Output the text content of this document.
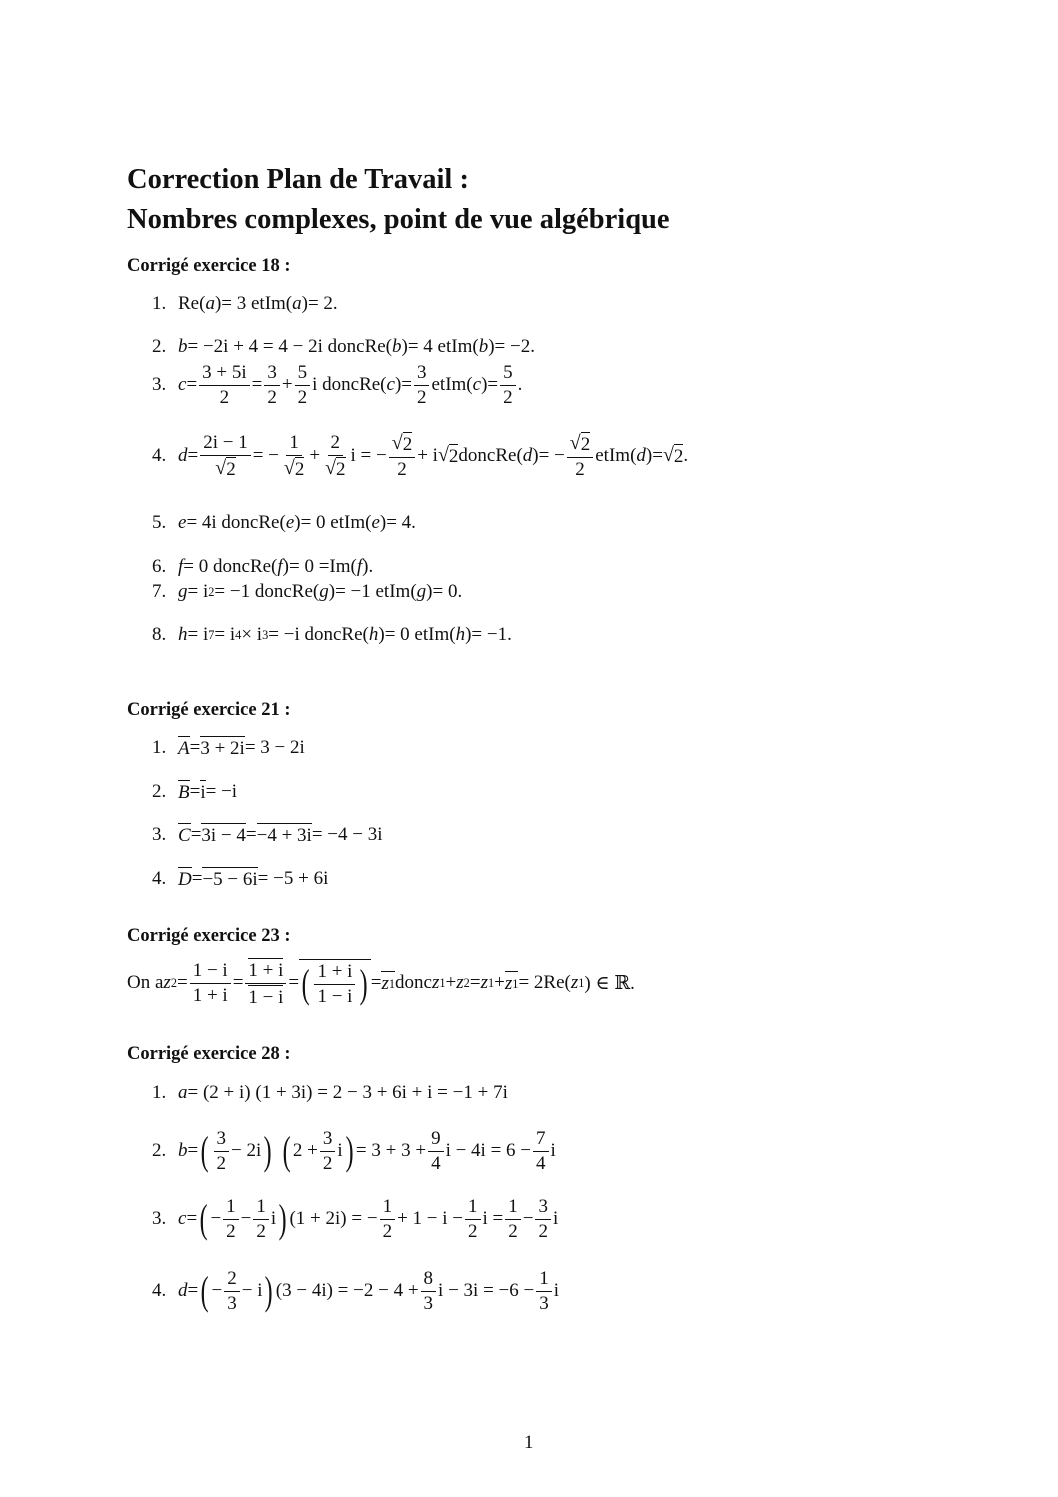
Correction Plan de Travail :
Nombres complexes, point de vue algébrique
Corrigé exercice 18 :
1. Re( a ) = 3 et Im( a ) = 2.
2. b = −2i + 4 = 4 − 2i donc Re( b ) = 4 et Im( b ) = −2.
3. $c = \frac{3 + 5i}{2} = \frac{3}{2} + \frac{5}{2}$ i donc Re( c ) = $\frac{3}{2}$ et Im( c ) = $\frac{5}{2}$ .
4. $d = \frac{2i - 1}{√ 2}$ = − $\frac{1}{√ 2} + \frac{2}{√ 2}$ i = − $\frac{√ 2}{2} + i$ √ 2 donc Re( d ) = − $\frac{√ 2}{2}$ et Im( d ) = √ 2 .
5. e = 4i donc Re( e ) = 0 et Im( e ) = 4.
6. f = 0 donc Re( f ) = 0 = Im( f ) .
7. g = i 2 = −1 donc Re( g ) = −1 et Im( g ) = 0.
8. h = i 7 = i 4 × i 3 = −i donc Re( h ) = 0 et Im( h ) = −1.
Corrigé exercice 21 :
1. A = 3 + 2i = 3 − 2i
2. B = i = −i
3. C = 3i − 4 = −4 + 3i = −4 − 3i
4. D = −5 − 6i = −5 + 6i
Corrigé exercice 23 :
On a z $2 = \frac{1 - i}{1 + i} = \frac{1 + i}{1 - i}$ = ( $\frac{1 + i}{1 - i}$ ) = z 1 donc z 1 + z 2 = z 1 + z 1 = 2Re( z 1 ) ∈ ℝ.
Corrigé exercice 28 :
1. a = (2 + i) (1 + 3i) = 2 − 3 + 6i + i = −1 + 7i
2. b = ( $\frac{3}{2} - 2i$ ) ( $2 + \frac{3}{2}$ i ) = $3 + 3 + \frac{9}{4}$ $i - 4i = 6 - \frac{7}{4}$ i
3. c = ( − $\frac{1}{2} - \frac{1}{2}$ i ) (1 + 2i) = − $\frac{1}{2} + 1 - i - \frac{1}{2}$ $i = \frac{1}{2} - \frac{3}{2}$ i
4. d = ( − $\frac{2}{3} - i$ ) $(3 - 4i) = -2 - 4 + \frac{8}{3}$ $i - 3i = -6 - \frac{1}{3}$ i
1
